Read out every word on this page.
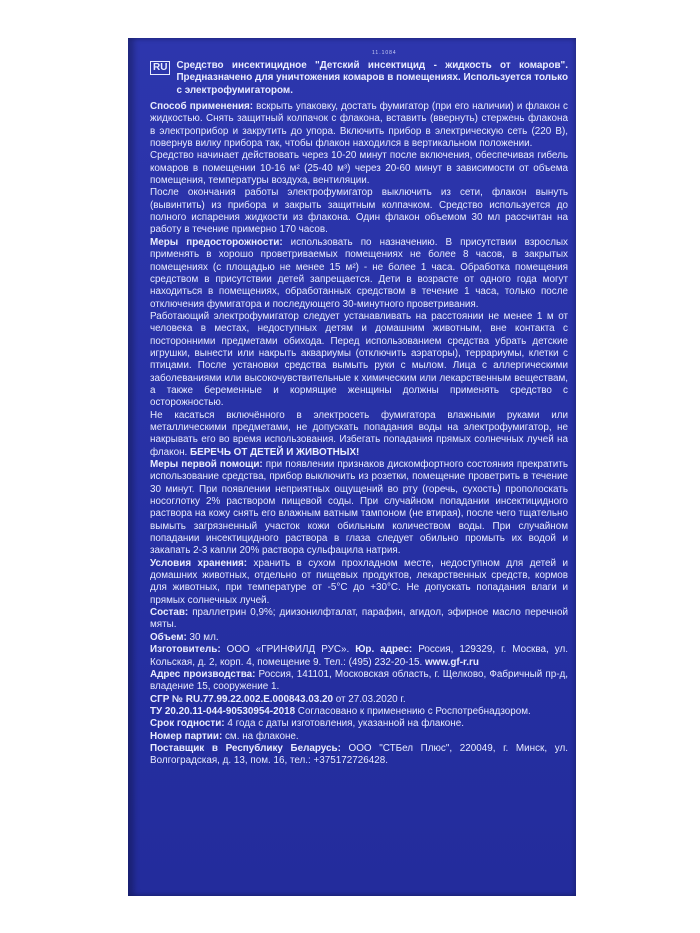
11.1084
RU Средство инсектицидное "Детский инсектицид - жидкость от комаров". Предназначено для уничтожения комаров в помещениях. Используется только с электрофумигатором.

Способ применения: вскрыть упаковку, достать фумигатор (при его наличии) и флакон с жидкостью. Снять защитный колпачок с флакона, вставить (ввернуть) стержень флакона в электроприбор и закрутить до упора. Включить прибор в электрическую сеть (220 В), повернув вилку прибора так, чтобы флакон находился в вертикальном положении.

Средство начинает действовать через 10-20 минут после включения, обеспечивая гибель комаров в помещении 10-16 м² (25-40 м³) через 20-60 минут в зависимости от объема помещения, температуры воздуха, вентиляции.

После окончания работы электрофумигатор выключить из сети, флакон вынуть (вывинтить) из прибора и закрыть защитным колпачком. Средство используется до полного испарения жидкости из флакона. Один флакон объемом 30 мл рассчитан на работу в течение примерно 170 часов.

Меры предосторожности: использовать по назначению. В присутствии взрослых применять в хорошо проветриваемых помещениях не более 8 часов, в закрытых помещениях (с площадью не менее 15 м²) - не более 1 часа. Обработка помещения средством в присутствии детей запрещается. Дети в возрасте от одного года могут находиться в помещениях, обработанных средством в течение 1 часа, только после отключения фумигатора и последующего 30-минутного проветривания.

Работающий электрофумигатор следует устанавливать на расстоянии не менее 1 м от человека в местах, недоступных детям и домашним животным, вне контакта с посторонними предметами обихода. Перед использованием средства убрать детские игрушки, вынести или накрыть аквариумы (отключить аэраторы), террариумы, клетки с птицами. После установки средства вымыть руки с мылом. Лица с аллергическими заболеваниями или высокочувствительные к химическим или лекарственным веществам, а также беременные и кормящие женщины должны применять средство с осторожностью.

Не касаться включённого в электросеть фумигатора влажными руками или металлическими предметами, не допускать попадания воды на электрофумигатор, не накрывать его во время использования. Избегать попадания прямых солнечных лучей на флакон. БЕРЕЧЬ ОТ ДЕТЕЙ И ЖИВОТНЫХ!

Меры первой помощи: при появлении признаков дискомфортного состояния прекратить использование средства, прибор выключить из розетки, помещение проветрить в течение 30 минут. При появлении неприятных ощущений во рту (горечь, сухость) прополоскать носоглотку 2% раствором пищевой соды. При случайном попадании инсектицидного раствора на кожу снять его влажным ватным тампоном (не втирая), после чего тщательно вымыть загрязненный участок кожи обильным количеством воды. При случайном попадании инсектицидного раствора в глаза следует обильно промыть их водой и закапать 2-3 капли 20% раствора сульфацила натрия.

Условия хранения: хранить в сухом прохладном месте, недоступном для детей и домашних животных, отдельно от пищевых продуктов, лекарственных средств, кормов для животных, при температуре от -5°С до +30°С. Не допускать попадания влаги и прямых солнечных лучей.

Состав: праллетрин 0,9%; диизонилфталат, парафин, агидол, эфирное масло перечной мяты.

Объем: 30 мл.

Изготовитель: ООО «ГРИНФИЛД РУС». Юр. адрес: Россия, 129329, г. Москва, ул. Кольская, д. 2, корп. 4, помещение 9. Тел.: (495) 232-20-15. www.gf-r.ru

Адрес производства: Россия, 141101, Московская область, г. Щелково, Фабричный пр-д, владение 15, сооружение 1.

СГР № RU.77.99.22.002.Е.000843.03.20 от 27.03.2020 г.

ТУ 20.20.11-044-90530954-2018 Согласовано к применению с Роспотребнадзором.

Срок годности: 4 года с даты изготовления, указанной на флаконе.

Номер партии: см. на флаконе.

Поставщик в Республику Беларусь: ООО "СТБел Плюс", 220049, г. Минск, ул. Волгоградская, д. 13, пом. 16, тел.: +375172726428.
